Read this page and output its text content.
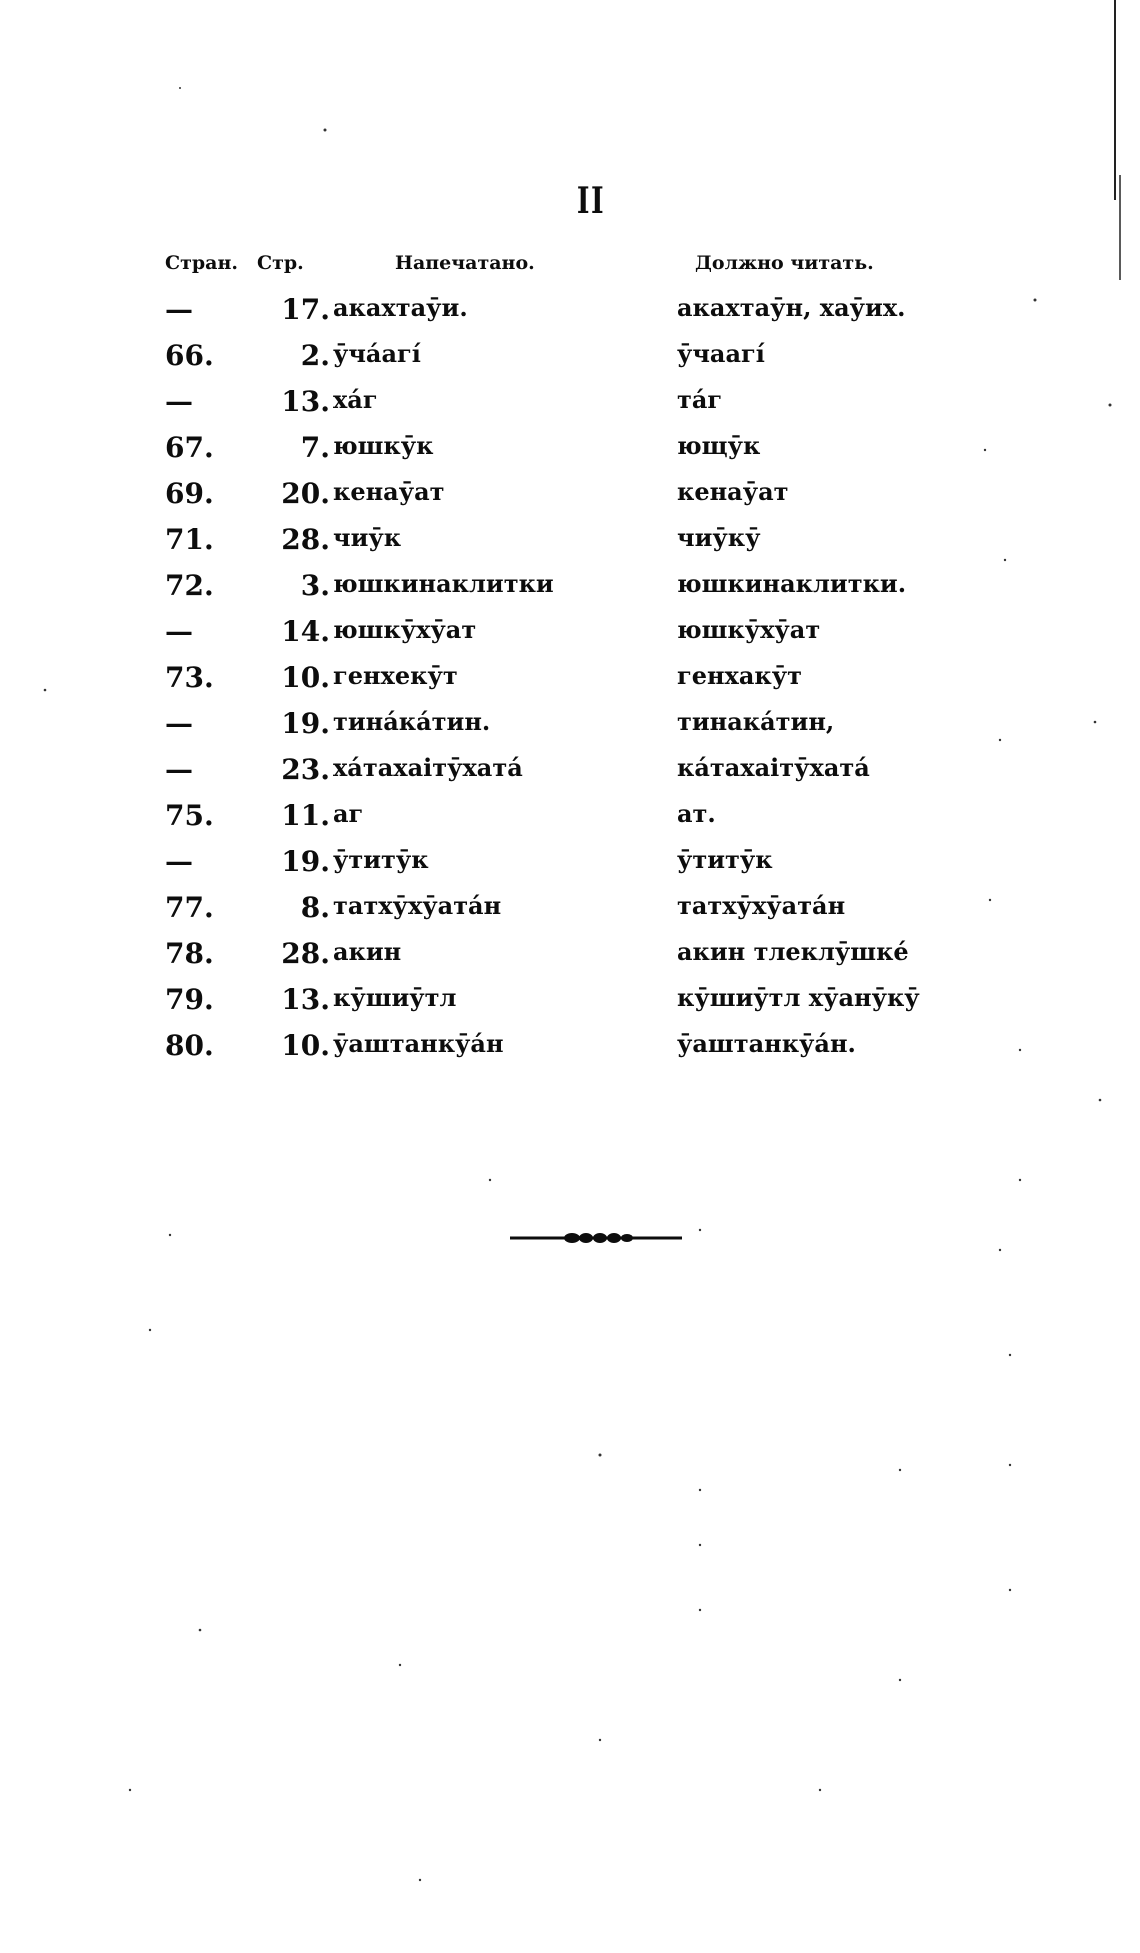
II
Стран. Стр.	Напечатано.	Должно читать.
—	17. акахтаӯи.	акахтаӯн, хаӯих.
66.	2. ӯчáагí	ӯчаагí
—	13. хáг	тáг
67.	7. юшкӯк	ющӯк
69.	20. кенаӯат	кенаӯат
71.	28. чиӯк	чиӯкӯ
72.	3. юшкинаклитки	юшкинаклитки.
—	14. юшкӯхӯат	юшкӯхӯат
73.	10. генхекӯт	генхакӯт
—	19. тинáкáтин.	тинакáтин,
—	23. хáтахаітӯхатá	кáтахаітӯхатá
75.	11. аг	ат.
—	19. ӯтитӯк	ӯтитӯк
77.	8. татхӯхӯатáн	татхӯхӯатáн
78.	28. акин	акин тлеклӯшкé
79.	13. кӯшиӯтл	кӯшиӯтл хӯанӯкӯ
80.	10. ӯаштанкӯáн	ӯаштанкӯáн.
